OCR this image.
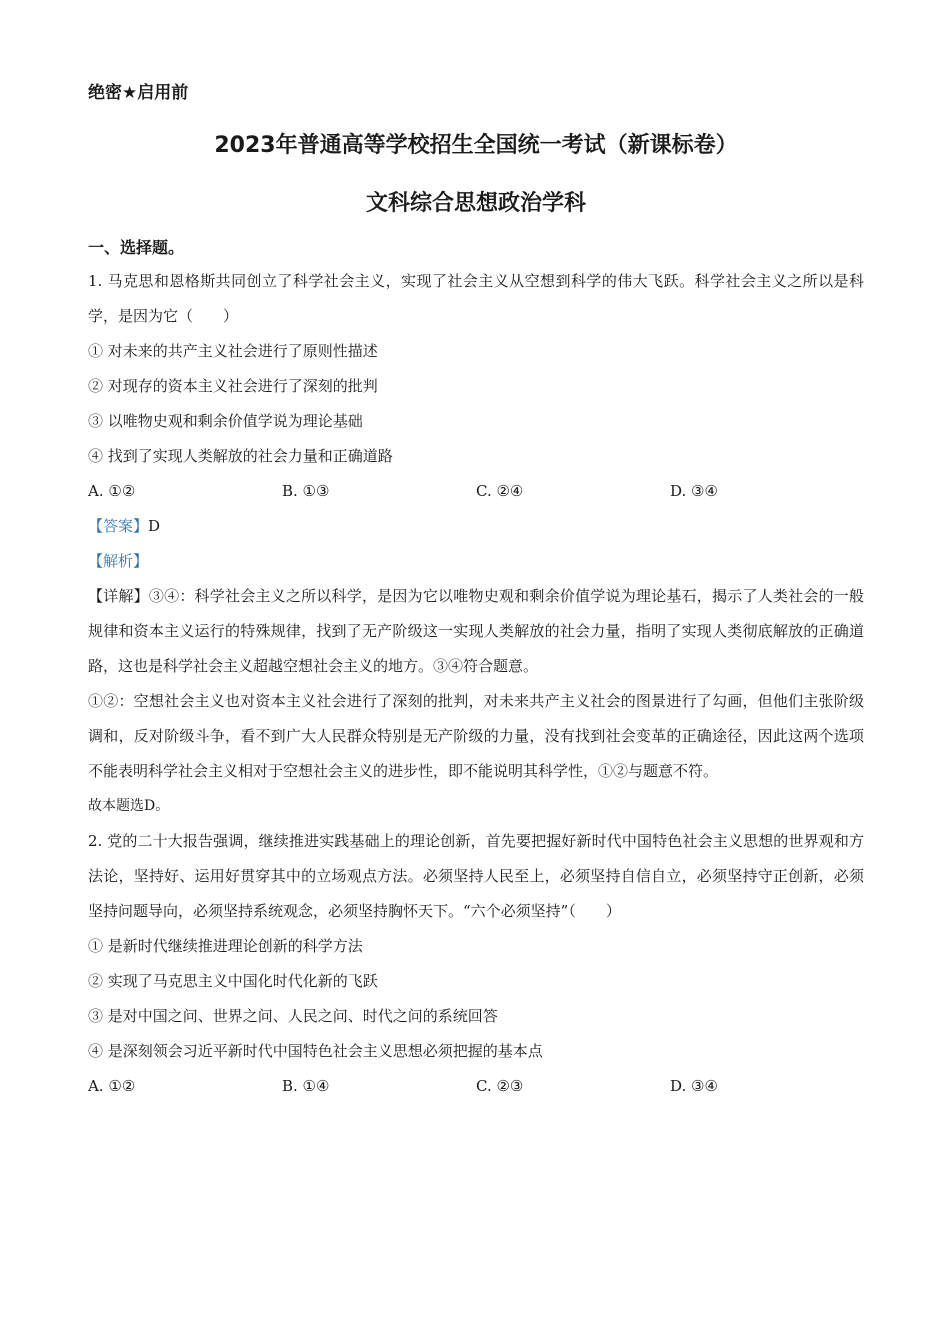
绝密★启用前
2023年普通高等学校招生全国统一考试（新课标卷）
文科综合思想政治学科
一、选择题。
1. 马克思和恩格斯共同创立了科学社会主义，实现了社会主义从空想到科学的伟大飞跃。科学社会主义之所以是科学，是因为它（　　）
① 对未来的共产主义社会进行了原则性描述
② 对现存的资本主义社会进行了深刻的批判
③ 以唯物史观和剩余价值学说为理论基础
④ 找到了实现人类解放的社会力量和正确道路
A. ①②	B. ①③	C. ②④	D. ③④
【答案】D
【解析】
【详解】③④：科学社会主义之所以科学，是因为它以唯物史观和剩余价值学说为理论基石，揭示了人类社会的一般规律和资本主义运行的特殊规律，找到了无产阶级这一实现人类解放的社会力量，指明了实现人类彻底解放的正确道路，这也是科学社会主义超越空想社会主义的地方。③④符合题意。
①②：空想社会主义也对资本主义社会进行了深刻的批判，对未来共产主义社会的图景进行了勾画，但他们主张阶级调和，反对阶级斗争，看不到广大人民群众特别是无产阶级的力量，没有找到社会变革的正确途径，因此这两个选项不能表明科学社会主义相对于空想社会主义的进步性，即不能说明其科学性，①②与题意不符。
故本题选D。
2. 党的二十大报告强调，继续推进实践基础上的理论创新，首先要把握好新时代中国特色社会主义思想的世界观和方法论，坚持好、运用好贯穿其中的立场观点方法。必须坚持人民至上，必须坚持自信自立，必须坚持守正创新，必须坚持问题导向，必须坚持系统观念，必须坚持胸怀天下。“六个必须坚持”（　　）
① 是新时代继续推进理论创新的科学方法
② 实现了马克思主义中国化时代化新的飞跃
③ 是对中国之问、世界之问、人民之问、时代之问的系统回答
④ 是深刻领会习近平新时代中国特色社会主义思想必须把握的基本点
A. ①②	B. ①④	C. ②③	D. ③④
